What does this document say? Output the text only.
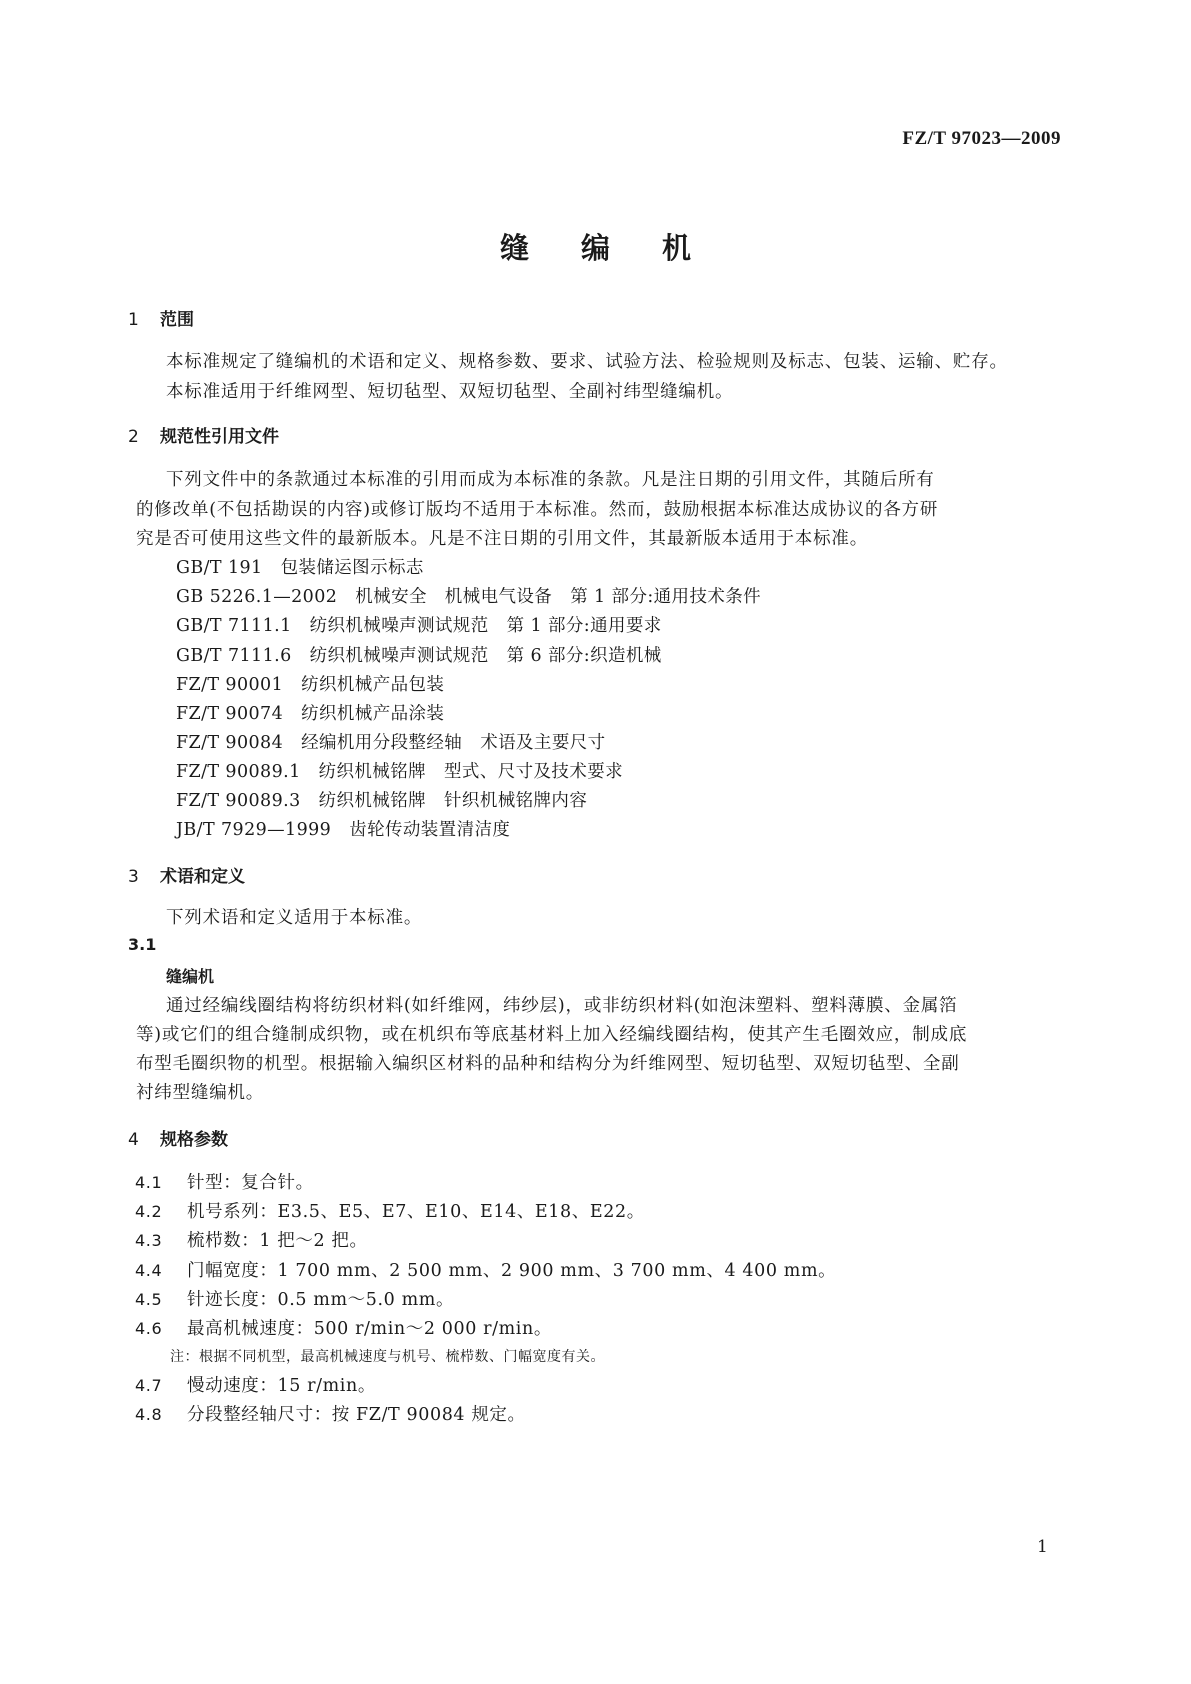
FZ/T 97023—2009
缝编机
1 范围
本标准规定了缝编机的术语和定义、规格参数、要求、试验方法、检验规则及标志、包装、运输、贮存。
本标准适用于纤维网型、短切毡型、双短切毡型、全副衬纬型缝编机。
2 规范性引用文件
下列文件中的条款通过本标准的引用而成为本标准的条款。凡是注日期的引用文件，其随后所有
的修改单(不包括勘误的内容)或修订版均不适用于本标准。然而，鼓励根据本标准达成协议的各方研
究是否可使用这些文件的最新版本。凡是不注日期的引用文件，其最新版本适用于本标准。
GB/T 191 包装储运图示标志
GB 5226.1—2002 机械安全　机械电气设备 第 1 部分:通用技术条件
GB/T 7111.1 纺织机械噪声测试规范 第 1 部分:通用要求
GB/T 7111.6 纺织机械噪声测试规范 第 6 部分:织造机械
FZ/T 90001 纺织机械产品包装
FZ/T 90074 纺织机械产品涂装
FZ/T 90084 经编机用分段整经轴 术语及主要尺寸
FZ/T 90089.1 纺织机械铭牌 型式、尺寸及技术要求
FZ/T 90089.3 纺织机械铭牌 针织机械铭牌内容
JB/T 7929—1999 齿轮传动装置清洁度
3 术语和定义
下列术语和定义适用于本标准。
3.1
缝编机
通过经编线圈结构将纺织材料(如纤维网，纬纱层)，或非纺织材料(如泡沫塑料、塑料薄膜、金属箔
等)或它们的组合缝制成织物，或在机织布等底基材料上加入经编线圈结构，使其产生毛圈效应，制成底
布型毛圈织物的机型。根据输入编织区材料的品种和结构分为纤维网型、短切毡型、双短切毡型、全副
衬纬型缝编机。
4 规格参数
4.1 针型：复合针。
4.2 机号系列：E3.5、E5、E7、E10、E14、E18、E22。
4.3 梳栉数：1 把～2 把。
4.4 门幅宽度：1 700 mm、2 500 mm、2 900 mm、3 700 mm、4 400 mm。
4.5 针迹长度：0.5 mm～5.0 mm。
4.6 最高机械速度：500 r/min～2 000 r/min。
注：根据不同机型，最高机械速度与机号、梳栉数、门幅宽度有关。
4.7 慢动速度：15 r/min。
4.8 分段整经轴尺寸：按 FZ/T 90084 规定。
1
